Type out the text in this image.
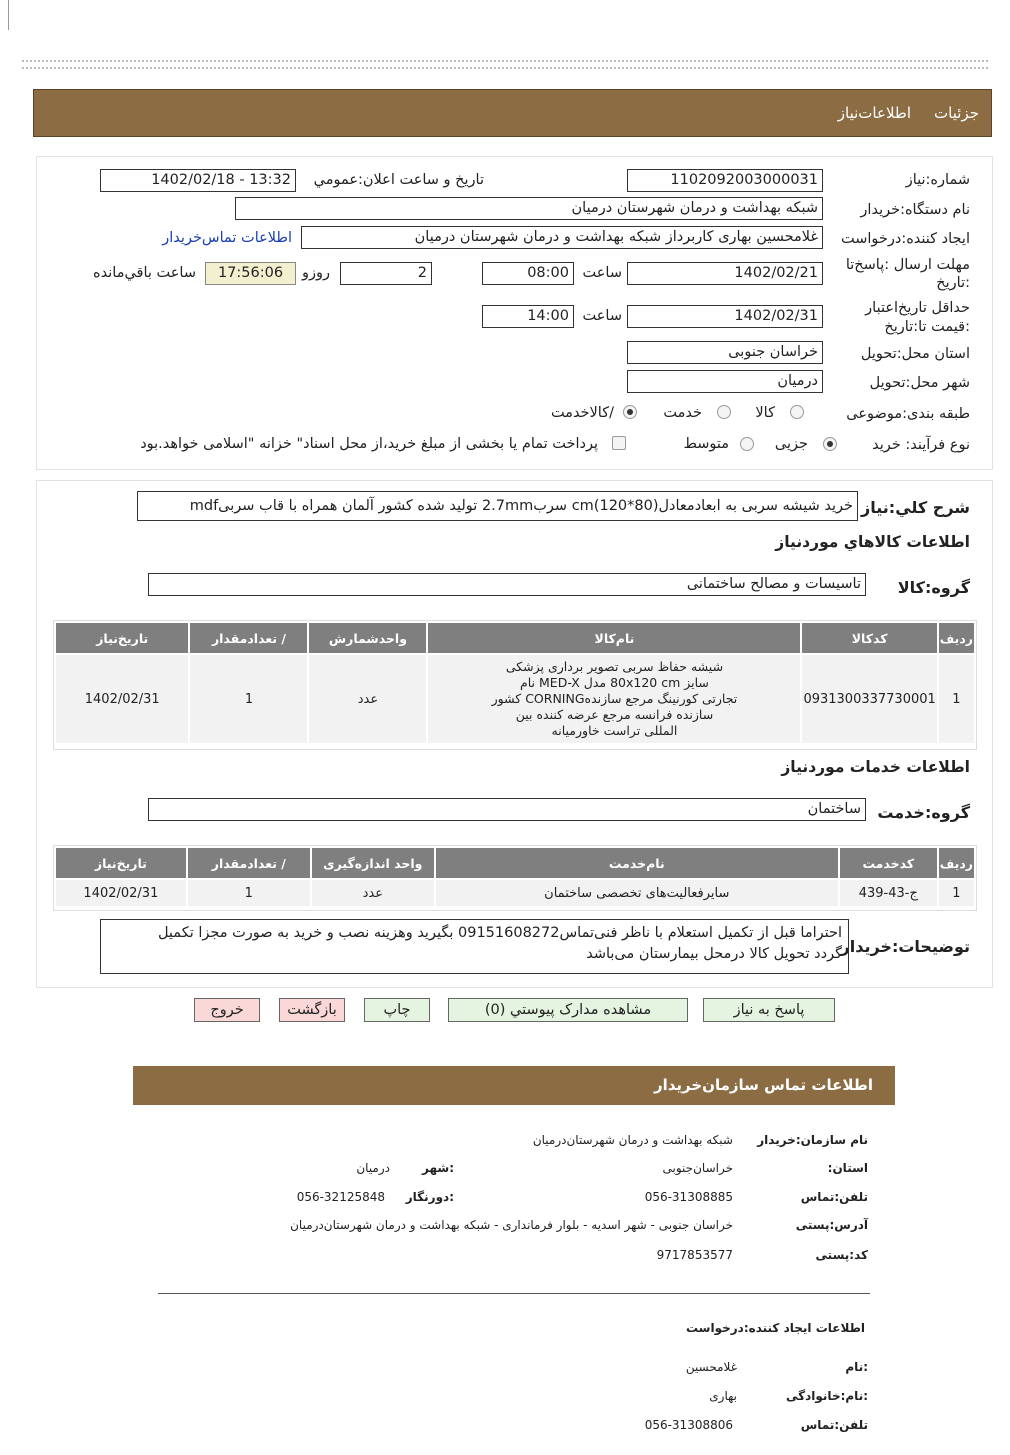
جزئيات
اطلاعات‌نیاز
شماره:نیاز
1102092003000031
تاریخ و ساعت اعلان:عمومي
1402/02/18 - 13:32
نام دستگاه:خریدار
شبکه بهداشت و درمان شهرستان درمیان
ایجاد کننده:درخواست
غلامحسین بهاری کاربرداز شبکه بهداشت و درمان شهرستان درمیان
اطلاعات تماس‌خریدار
مهلت ارسال :پاسخ‌تا
:تاریخ
1402/02/21
ساعت
08:00
2
روزو
17:56:06
ساعت باقي‌مانده
حداقل تاریخ‌اعتبار
:قیمت تا:تاریخ
1402/02/31
ساعت
14:00
استان محل:تحویل
خراسان جنوبی
شهر محل:تحویل
درمیان
طبقه بندی:موضوعی
کالا
خدمت
/کالاخدمت
نوع فرآیند: خرید
جزیی
متوسط
پرداخت تمام یا بخشی از مبلغ خرید،از محل اسناد" خزانه "اسلامی خواهد.بود
شرح کلي:نیاز
خرید شیشه سربی به ابعادمعادل(80*120)cm سرب2.7mm تولید شده کشور آلمان همراه با قاب سربیmdf
اطلاعات کالاهاي موردنیاز
گروه:کالا
تاسیسات و مصالح ساختمانی
ردیف	کدکالا	نام‌کالا	واحدشمارش	/ تعدادمقدار	تاریخ‌نیاز
1	0931300337730001	شیشه حفاظ سربی تصویر برداری پزشکی
سایز 80x120 cm مدل MED-X نام
تجارتی کورنینگ مرجع سازندهCORNING کشور
سازنده فرانسه مرجع عرضه کننده بین
المللی تراست خاورمیانه	عدد	1	1402/02/31
اطلاعات خدمات موردنیاز
گروه:خدمت
ساختمان
ردیف	کدخدمت	نام‌خدمت	واحد اندازه‌گیری	/ تعدادمقدار	تاریخ‌نیاز
1	ج-43-439	سایرفعالیت‌های تخصصی ساختمان	عدد	1	1402/02/31
توضیحات:خریدار
احتراما قبل از تکمیل استعلام با ناظر فنی‌تماس09151608272 بگیرید وهزینه نصب و خرید به صورت مجزا تکمیل
گردد تحویل کالا درمحل بیمارستان می‌باشد
پاسخ به نیاز
مشاهده مدارک پیوستي (0)
چاپ
بازگشت
خروج
اطلاعات تماس سازمان‌خریدار
نام سازمان:خریدار
شبکه بهداشت و درمان شهرستان‌درمیان
استان:
خراسان‌جنوبی
:شهر
درمیان
تلفن:تماس
056-31308885
:دورنگار
056-32125848
آدرس:پستی
خراسان جنوبی - شهر اسدیه - بلوار فرمانداری - شبکه بهداشت و درمان شهرستان‌درمیان
کد:پستی
9717853577
اطلاعات ایجاد کننده:درخواست
:نام
غلامحسین
:نام:خانوادگی
بهاری
تلفن:تماس
056-31308806
